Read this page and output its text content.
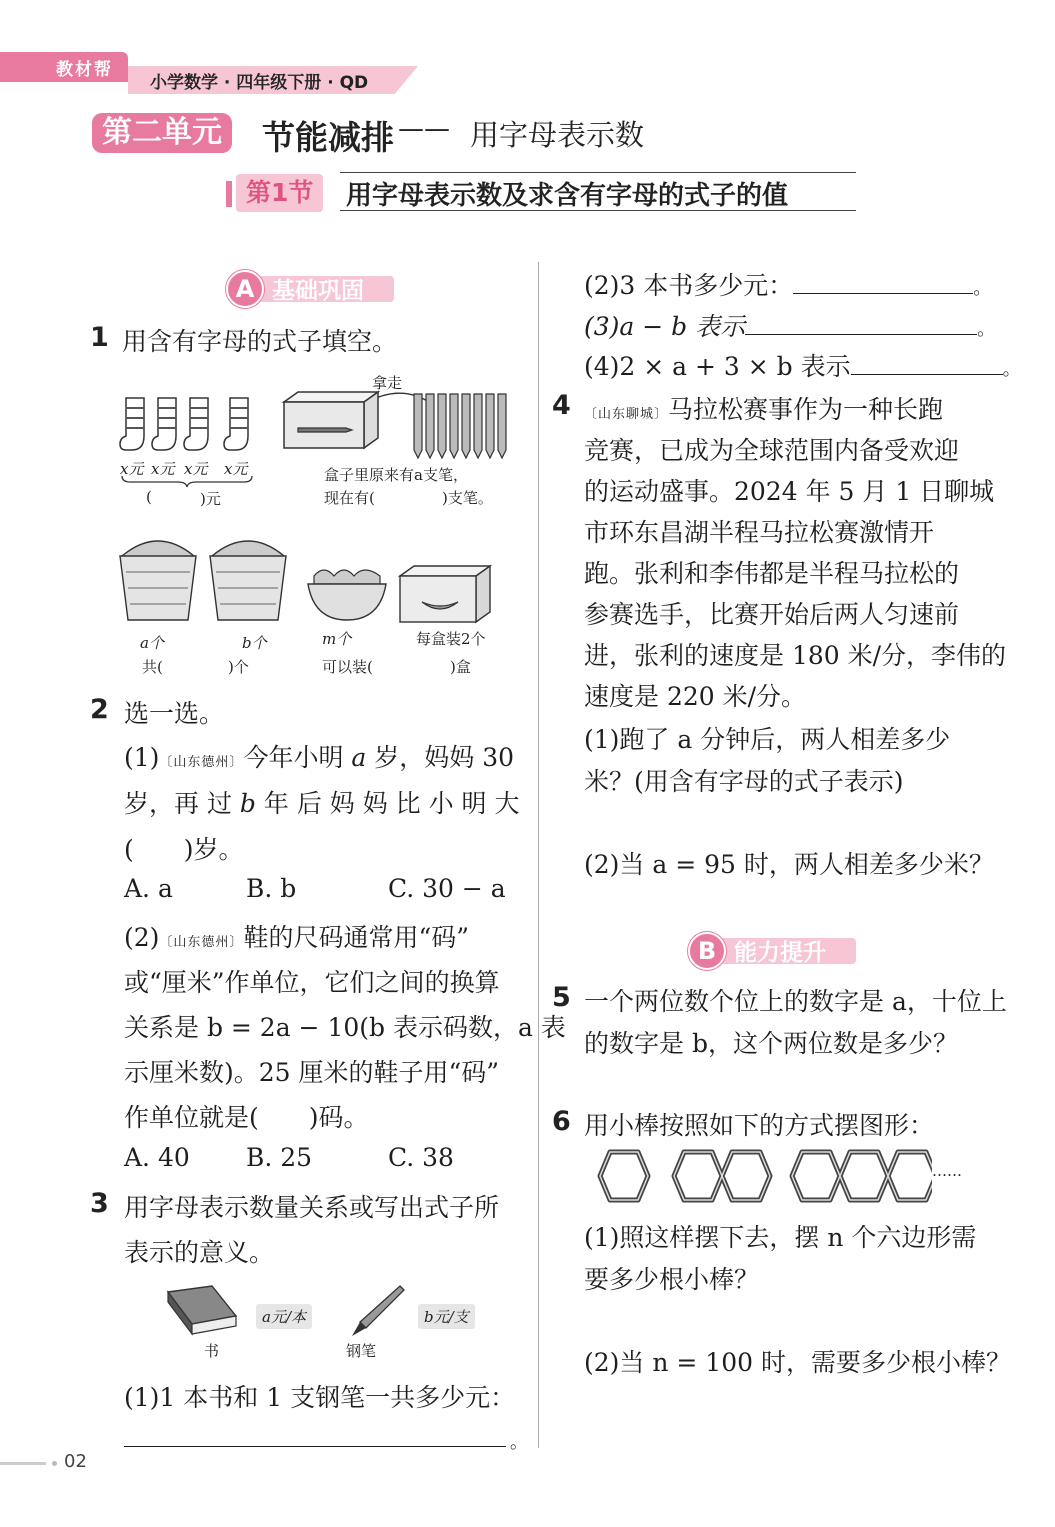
教材帮
小学数学 · 四年级下册 · QD
第二单元	节能减排 —— 用字母表示数
第1节	用字母表示数及求含有字母的式子的值
A 基础巩固
1 用含有字母的式子填空。
x元 x元 x元 x元
(	)元
拿走
盒子里原来有a支笔，
现在有(	)支笔。
a个	b个	m个	每盒装2个
共(	)个	可以装(	)盒
2 选一选。
(1)〔山东德州〕今年小明 a 岁，妈妈 30
岁，再 过 b 年 后 妈 妈 比 小 明 大
(　　)岁。
A. a	B. b	C. 30 − a
(2)〔山东德州〕鞋的尺码通常用“码”
或“厘米”作单位，它们之间的换算
关系是 b = 2a − 10(b 表示码数，a 表
示厘米数)。25 厘米的鞋子用“码”
作单位就是(　　)码。
A. 40 B. 25	C. 38
3 用字母表示数量关系或写出式子所
表示的意义。
书
a元/本
钢笔
b元/支
(1)1 本书和 1 支钢笔一共多少元：
。
(2)3 本书多少元：	。
(3)a − b 表示	。
(4)2 × a + 3 × b 表示	。
4 〔山东聊城〕马拉松赛事作为一种长跑
竞赛，已成为全球范围内备受欢迎
的运动盛事。2024 年 5 月 1 日聊城
市环东昌湖半程马拉松赛激情开
跑。张利和李伟都是半程马拉松的
参赛选手，比赛开始后两人匀速前
进，张利的速度是 180 米/分，李伟的
速度是 220 米/分。
(1)跑了 a 分钟后，两人相差多少
米？(用含有字母的式子表示)
(2)当 a = 95 时，两人相差多少米？
B 能力提升
5 一个两位数个位上的数字是 a，十位上
的数字是 b，这个两位数是多少？
6 用小棒按照如下的方式摆图形：
……
(1)照这样摆下去，摆 n 个六边形需
要多少根小棒？
(2)当 n = 100 时，需要多少根小棒？
02
